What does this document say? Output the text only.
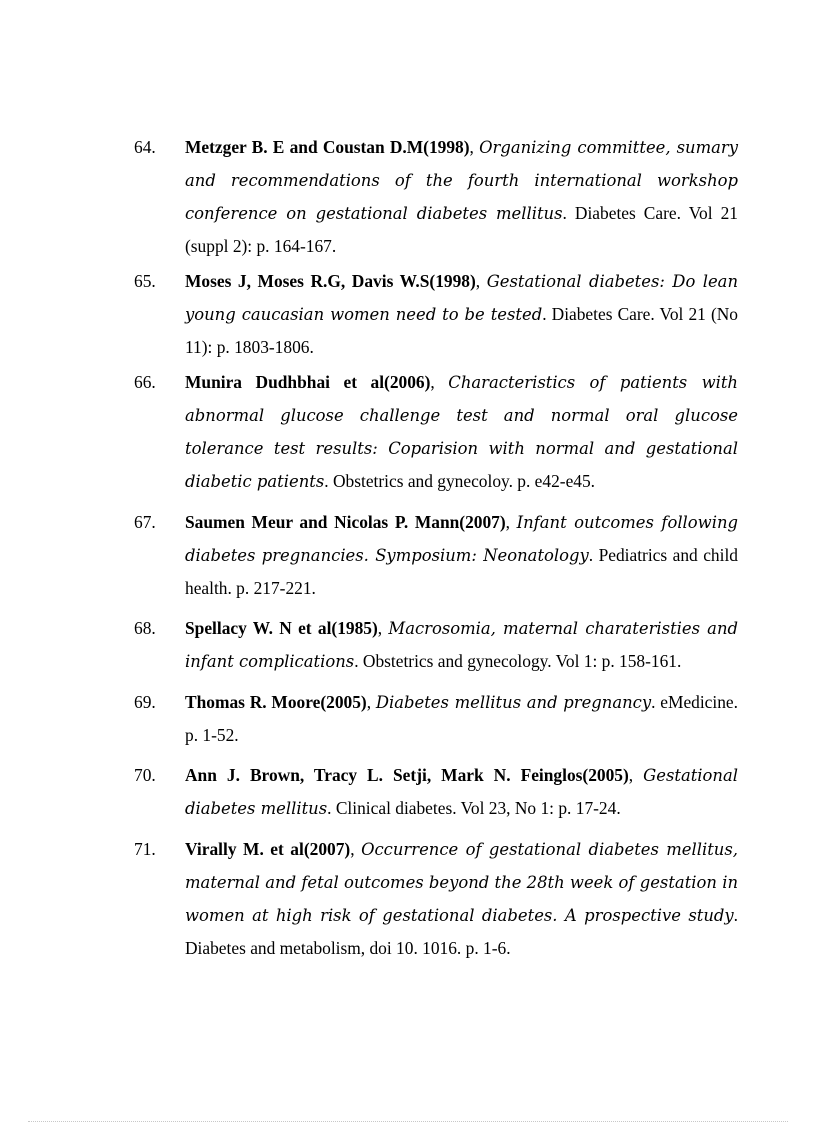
64.	Metzger B. E and Coustan D.M(1998), Organizing committee, sumary and recommendations of the fourth international workshop conference on gestational diabetes mellitus. Diabetes Care. Vol 21 (suppl 2): p. 164-167.
65.	Moses J, Moses R.G, Davis W.S(1998), Gestational diabetes: Do lean young caucasian women need to be tested. Diabetes Care. Vol 21 (No 11): p. 1803-1806.
66.	Munira Dudhbhai et al(2006), Characteristics of patients with abnormal glucose challenge test and normal oral glucose tolerance test results: Coparision with normal and gestational diabetic patients. Obstetrics and gynecoloy. p. e42-e45.
67.	Saumen Meur and Nicolas P. Mann(2007), Infant outcomes following diabetes pregnancies. Symposium: Neonatology. Pediatrics and child health. p. 217-221.
68.	Spellacy W. N et al(1985), Macrosomia, maternal charateristies and infant complications. Obstetrics and gynecology. Vol 1: p. 158-161.
69.	Thomas R. Moore(2005), Diabetes mellitus and pregnancy. eMedicine. p. 1-52.
70.	Ann J. Brown, Tracy L. Setji, Mark N. Feinglos(2005), Gestational diabetes mellitus. Clinical diabetes. Vol 23, No 1: p. 17-24.
71.	Virally M. et al(2007), Occurrence of gestational diabetes mellitus, maternal and fetal outcomes beyond the 28th week of gestation in women at high risk of gestational diabetes. A prospective study. Diabetes and metabolism, doi 10. 1016. p. 1-6.
